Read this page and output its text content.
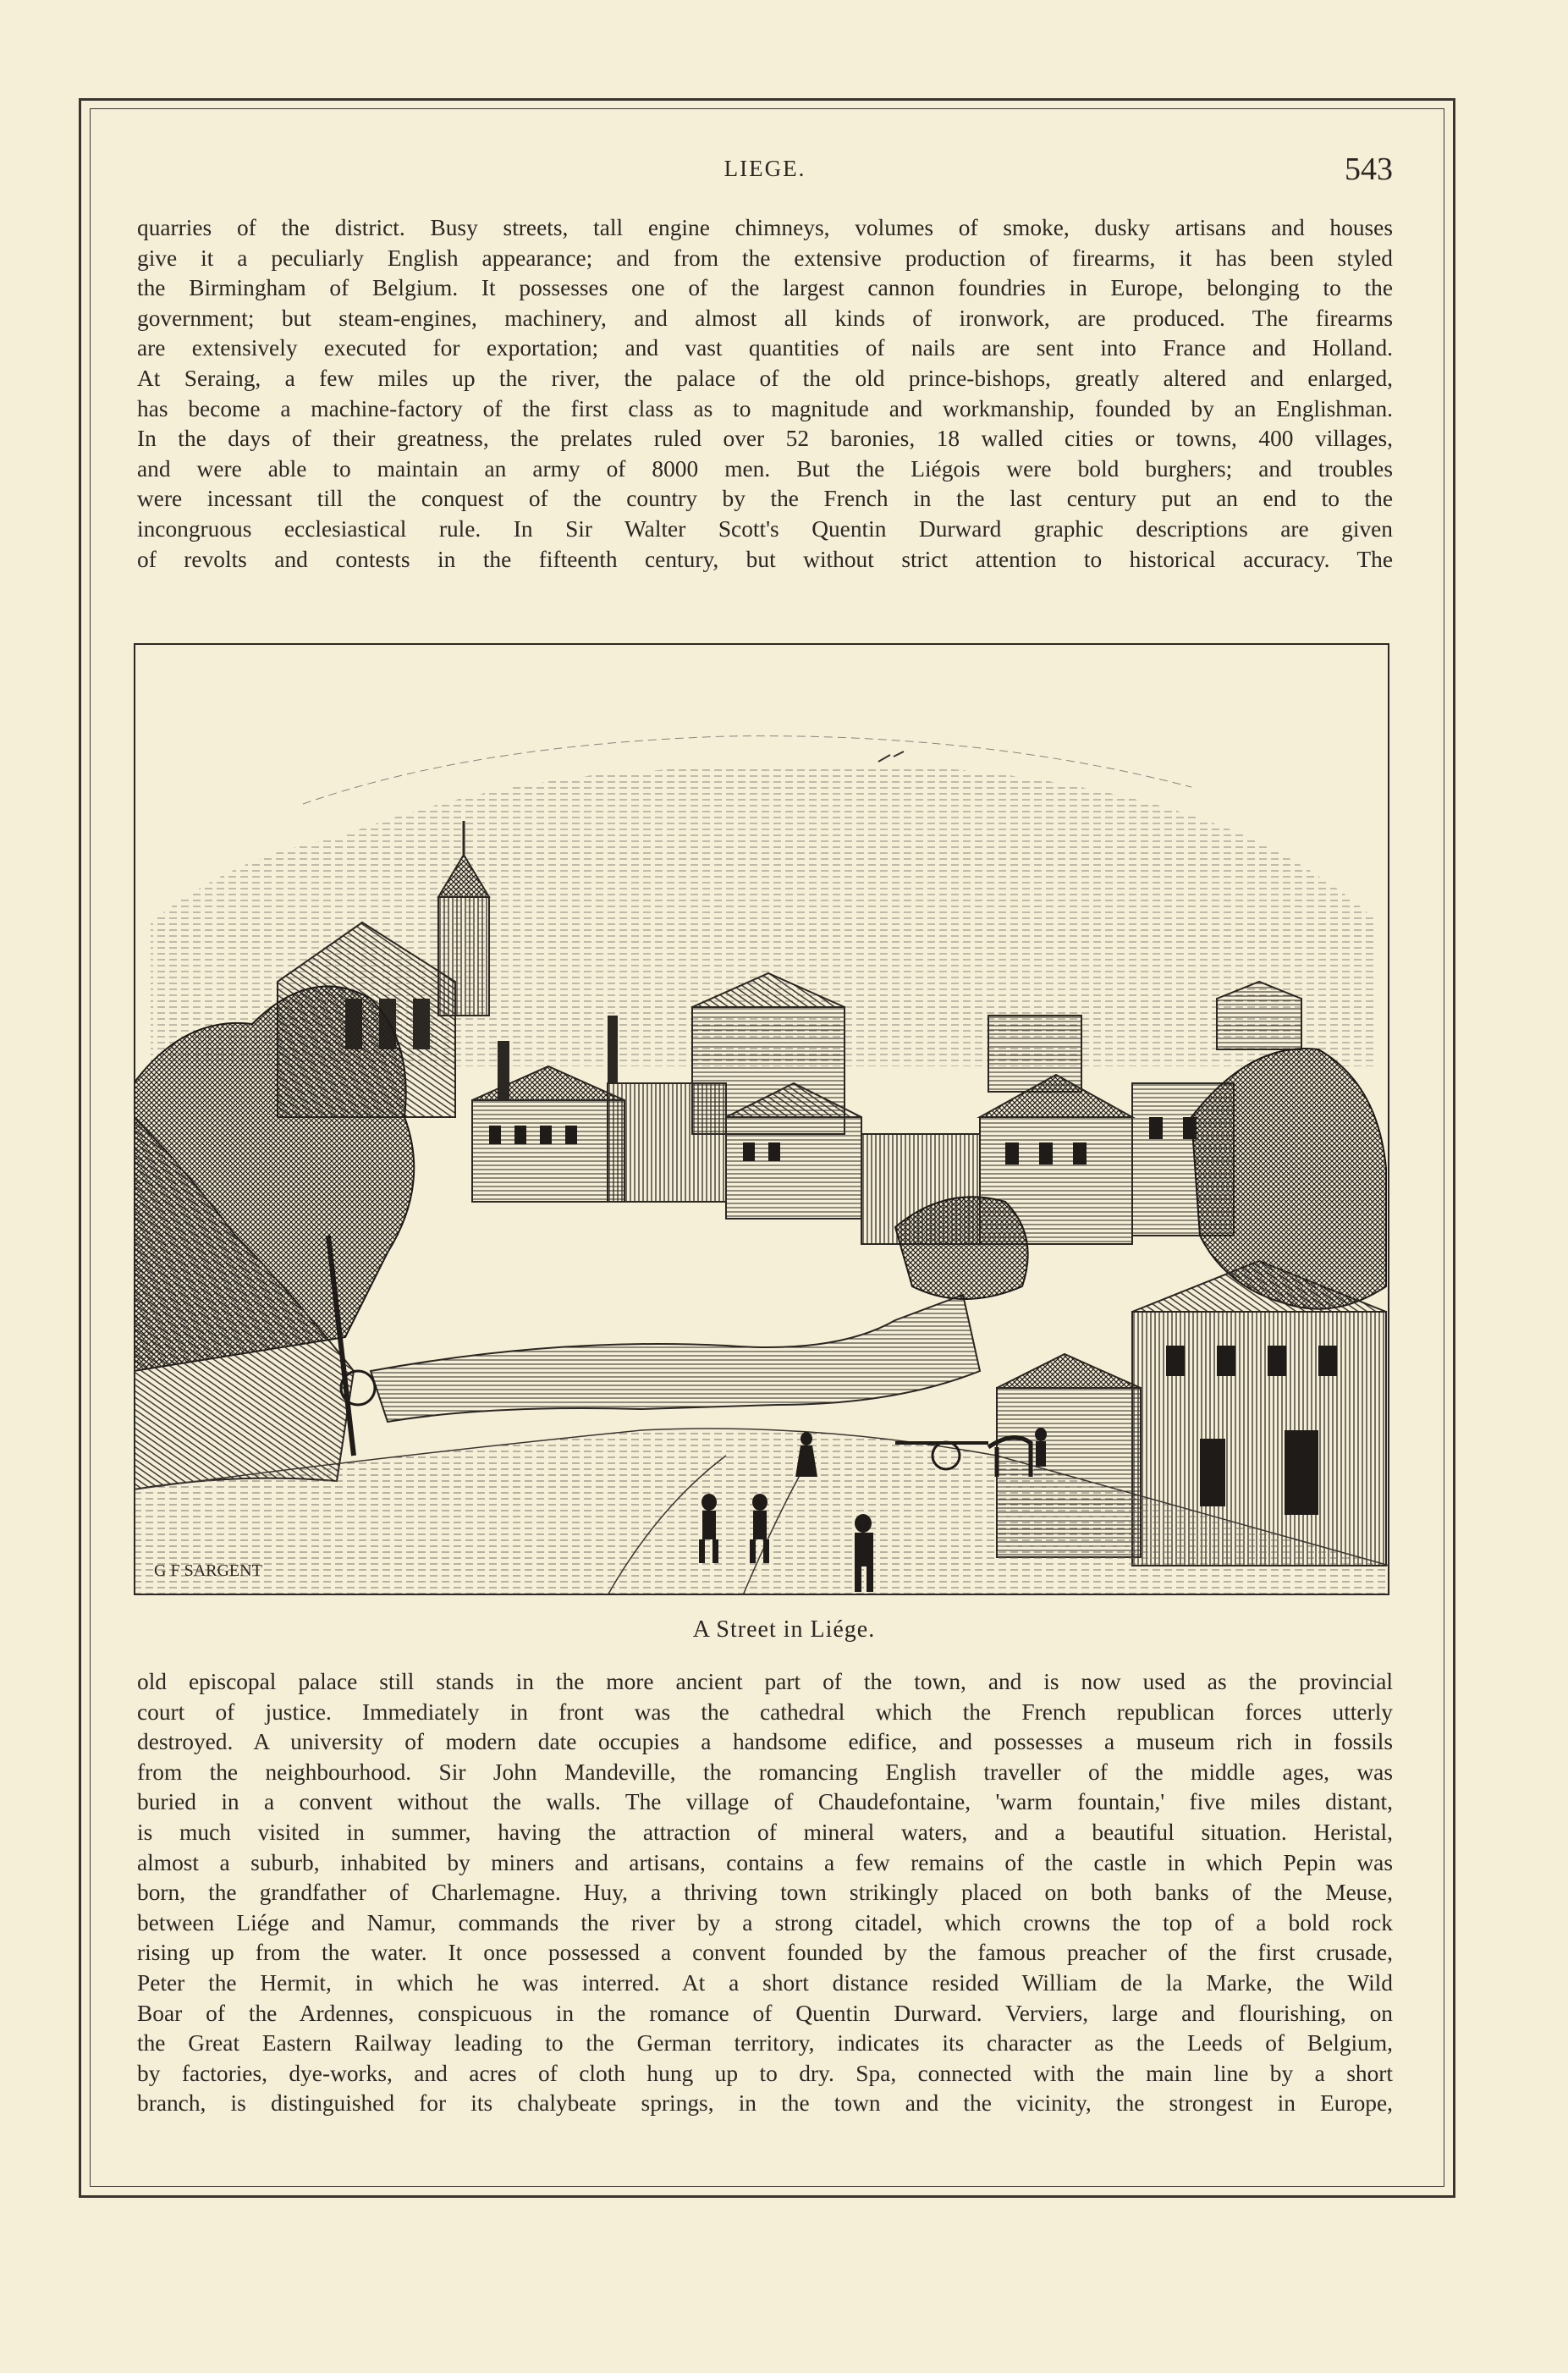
LIEGE.	543
quarries of the district. Busy streets, tall engine chimneys, volumes of smoke, dusky artisans and houses
give it a peculiarly English appearance; and from the extensive production of firearms, it has been styled
the Birmingham of Belgium. It possesses one of the largest cannon foundries in Europe, belonging to the
government; but steam-engines, machinery, and almost all kinds of ironwork, are produced. The firearms
are extensively executed for exportation; and vast quantities of nails are sent into France and Holland.
At Seraing, a few miles up the river, the palace of the old prince-bishops, greatly altered and enlarged,
has become a machine-factory of the first class as to magnitude and workmanship, founded by an Englishman.
In the days of their greatness, the prelates ruled over 52 baronies, 18 walled cities or towns, 400 villages,
and were able to maintain an army of 8000 men. But the Liégois were bold burghers; and troubles
were incessant till the conquest of the country by the French in the last century put an end to the
incongruous ecclesiastical rule. In Sir Walter Scott's Quentin Durward graphic descriptions are given
of revolts and contests in the fifteenth century, but without strict attention to historical accuracy. The
G F SARGENT
A Street in Liége.
old episcopal palace still stands in the more ancient part of the town, and is now used as the provincial
court of justice. Immediately in front was the cathedral which the French republican forces utterly
destroyed. A university of modern date occupies a handsome edifice, and possesses a museum rich in fossils
from the neighbourhood. Sir John Mandeville, the romancing English traveller of the middle ages, was
buried in a convent without the walls. The village of Chaudefontaine, 'warm fountain,' five miles distant,
is much visited in summer, having the attraction of mineral waters, and a beautiful situation. Heristal,
almost a suburb, inhabited by miners and artisans, contains a few remains of the castle in which Pepin was
born, the grandfather of Charlemagne. Huy, a thriving town strikingly placed on both banks of the Meuse,
between Liége and Namur, commands the river by a strong citadel, which crowns the top of a bold rock
rising up from the water. It once possessed a convent founded by the famous preacher of the first crusade,
Peter the Hermit, in which he was interred. At a short distance resided William de la Marke, the Wild
Boar of the Ardennes, conspicuous in the romance of Quentin Durward. Verviers, large and flourishing, on
the Great Eastern Railway leading to the German territory, indicates its character as the Leeds of Belgium,
by factories, dye-works, and acres of cloth hung up to dry. Spa, connected with the main line by a short
branch, is distinguished for its chalybeate springs, in the town and the vicinity, the strongest in Europe,
